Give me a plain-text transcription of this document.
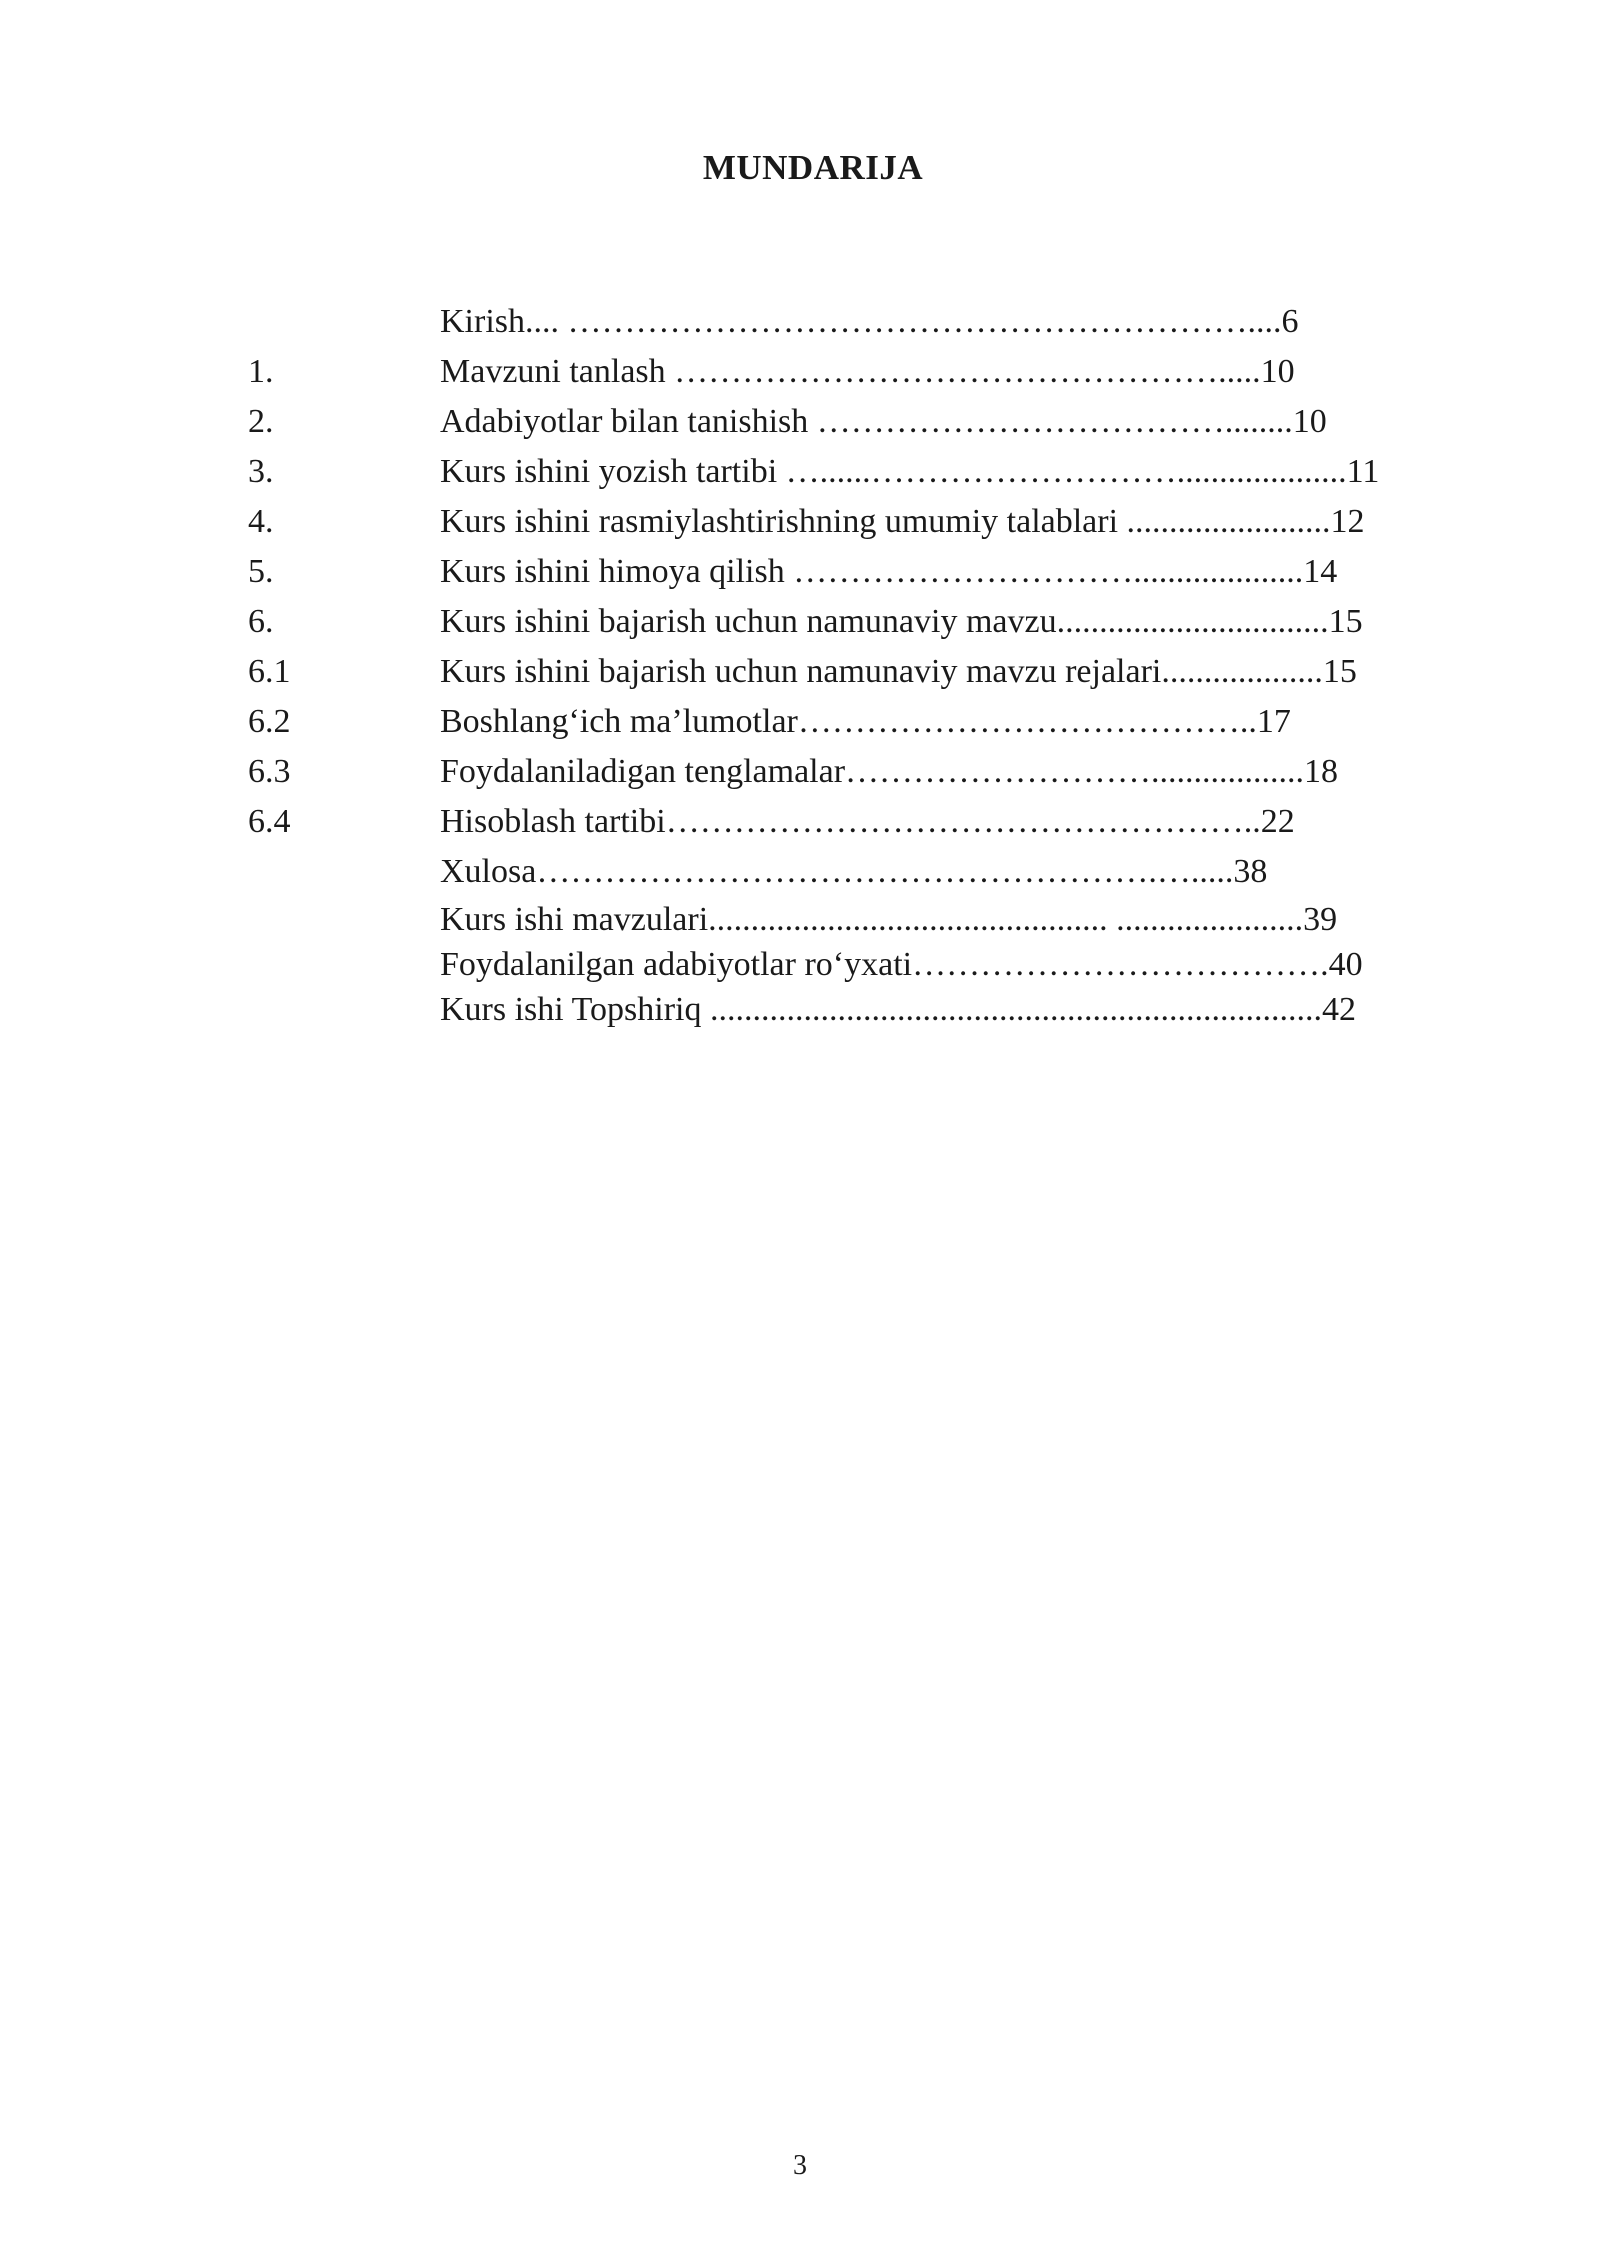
MUNDARIJA
Kirish.... ……………………………………………………....6
1.	Mavzuni tanlash ………………………………………….....10
2.	Adabiyotlar bilan tanishish ………………………………........10
3.	Kurs ishini yozish tartibi …......………………………....................11
4.	Kurs ishini rasmiylashtirishning umumiy talablari ........................12
5.	Kurs ishini himoya qilish …………………………....................14
6.	Kurs ishini bajarish uchun namunaviy mavzu................................15
6.1	Kurs ishini bajarish uchun namunaviy mavzu rejalari...................15
6.2	Boshlang‘ich ma’lumotlar…………………………………..17
6.3	Foydalaniladigan tenglamalar………………………..................18
6.4	Hisoblash tartibi……………………………………………..22
Xulosa……………………………………………….….....38
Kurs ishi mavzulari............................................... ......................39
Foydalanilgan adabiyotlar ro‘yxati……………………………….40
Kurs ishi Topshiriq ........................................................................42
3
